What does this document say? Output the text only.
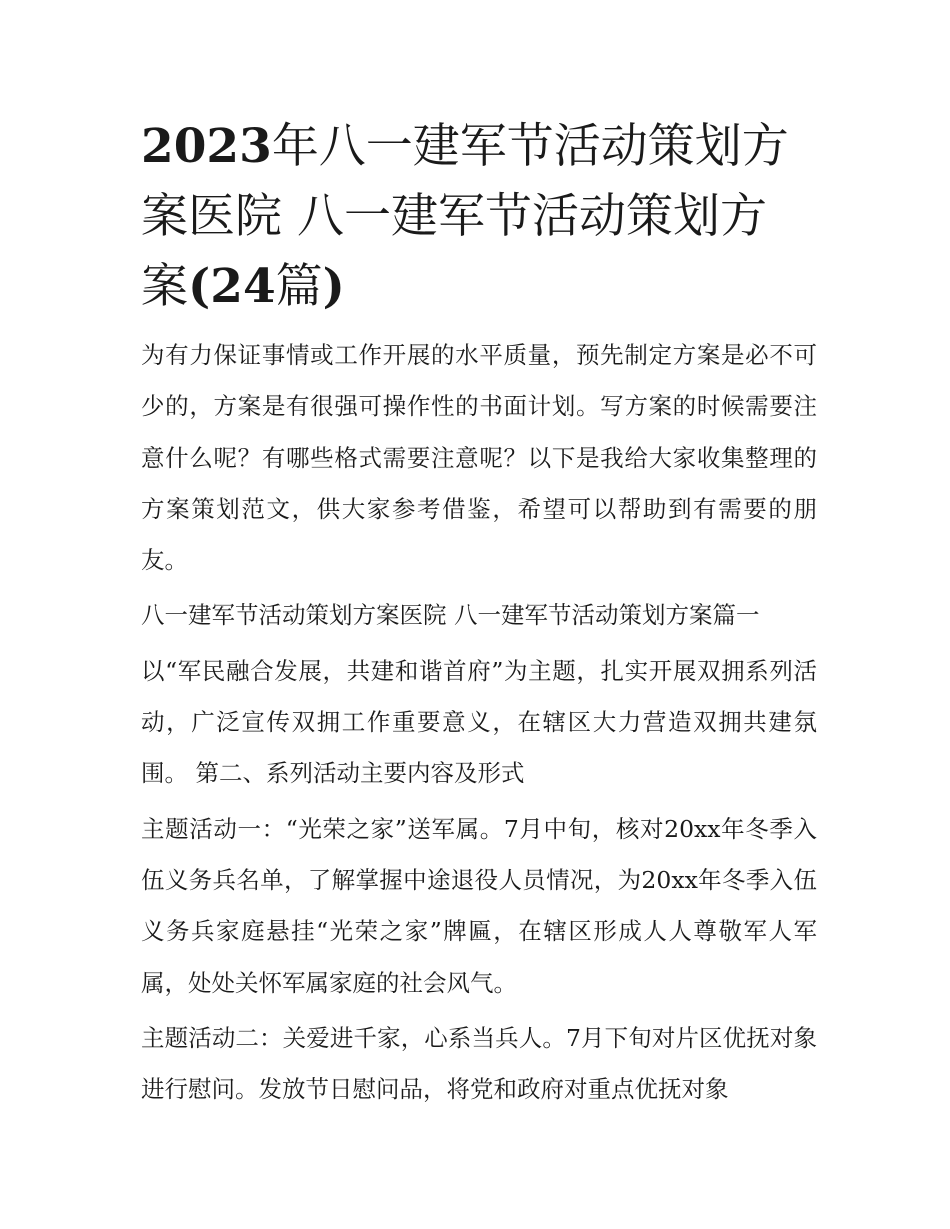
2023年八一建军节活动策划方
案医院 八一建军节活动策划方
案(24篇)

为有力保证事情或工作开展的水平质量，预先制定方案是必不可少的，方案是有很强可操作性的书面计划。写方案的时候需要注意什么呢？有哪些格式需要注意呢？以下是我给大家收集整理的方案策划范文，供大家参考借鉴，希望可以帮助到有需要的朋友。

八一建军节活动策划方案医院 八一建军节活动策划方案篇一

以“军民融合发展，共建和谐首府”为主题，扎实开展双拥系列活动，广泛宣传双拥工作重要意义，在辖区大力营造双拥共建氛围。 第二、系列活动主要内容及形式

主题活动一：“光荣之家”送军属。7月中旬，核对20xx年冬季入伍义务兵名单，了解掌握中途退役人员情况，为20xx年冬季入伍义务兵家庭悬挂“光荣之家”牌匾，在辖区形成人人尊敬军人军属，处处关怀军属家庭的社会风气。

主题活动二：关爱进千家，心系当兵人。7月下旬对片区优抚对象进行慰问。发放节日慰问品，将党和政府对重点优抚对象
